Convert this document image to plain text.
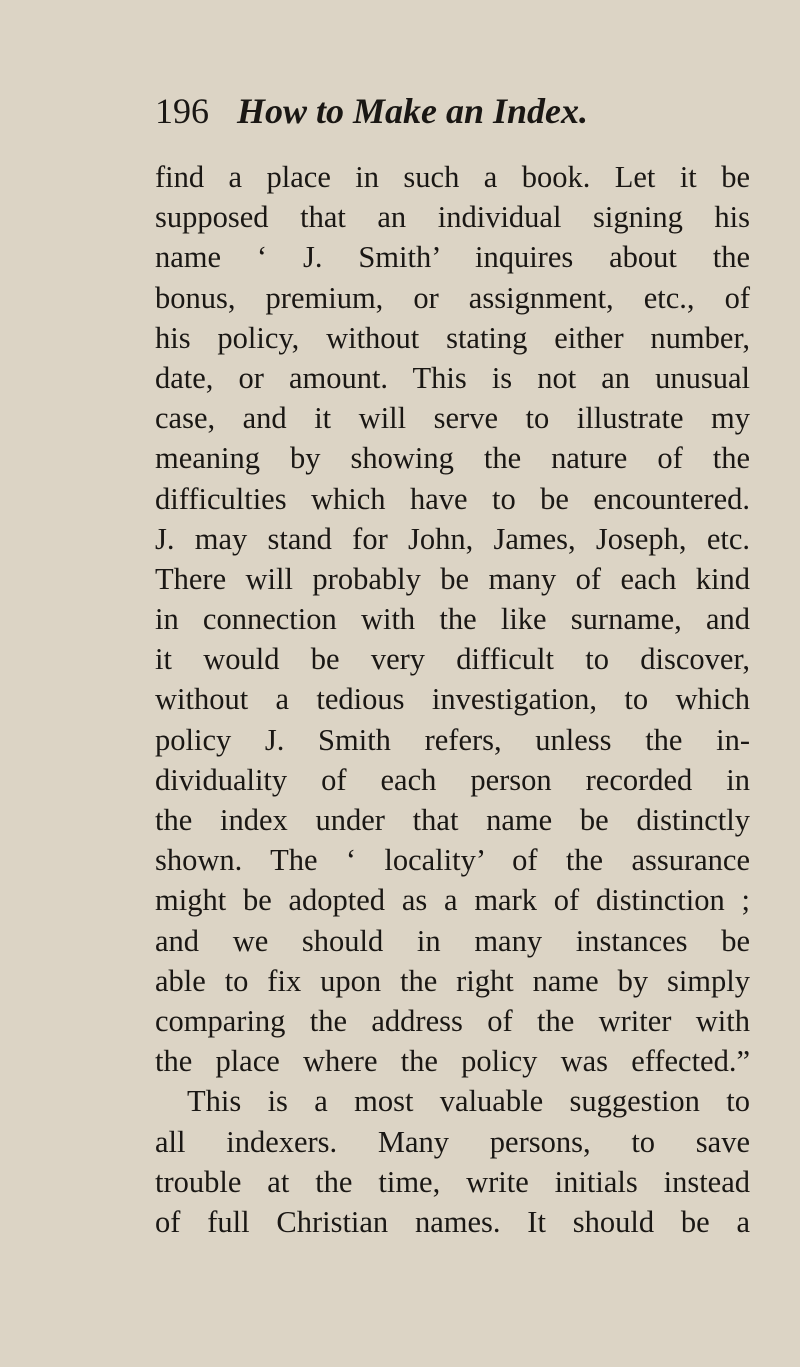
196 How to Make an Index.
find a place in such a book. Let it be
supposed that an individual signing his
name ‘ J. Smith’ inquires about the
bonus, premium, or assignment, etc., of
his policy, without stating either number,
date, or amount. This is not an unusual
case, and it will serve to illustrate my
meaning by showing the nature of the
difficulties which have to be encountered.
J. may stand for John, James, Joseph, etc.
There will probably be many of each kind
in connection with the like surname, and
it would be very difficult to discover,
without a tedious investigation, to which
policy J. Smith refers, unless the in-
dividuality of each person recorded in
the index under that name be distinctly
shown. The ‘ locality’ of the assurance
might be adopted as a mark of distinction ;
and we should in many instances be
able to fix upon the right name by simply
comparing the address of the writer with
the place where the policy was effected.”
This is a most valuable suggestion to
all indexers. Many persons, to save
trouble at the time, write initials instead
of full Christian names. It should be a
